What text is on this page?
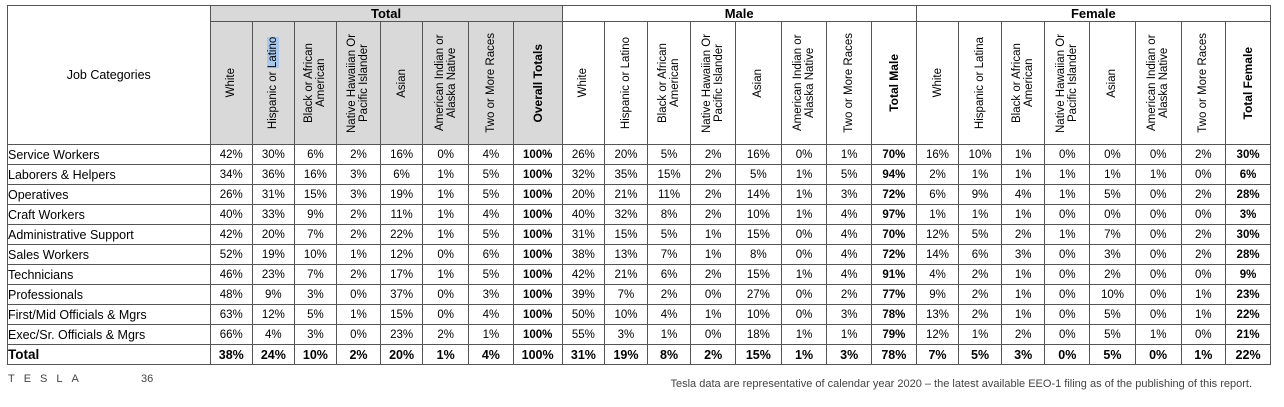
Job Categories	Total								Male								Female							

	White	Hispanic or Latino	Black or African American	Native Hawaiian Or Pacific Islander	Asian	American Indian or Alaska Native	Two or More Races	Overall Totals	White	Hispanic or Latino	Black or African American	Native Hawaiian Or Pacific Islander	Asian	American Indian or Alaska Native	Two or More Races	Total Male	White	Hispanic or Latina	Black or African American	Native Hawaiian Or Pacific Islander	Asian	American Indian or Alaska Native	Two or More Races	Total Female

Service Workers	42%	30%	6%	2%	16%	0%	4%	100%	26%	20%	5%	2%	16%	0%	1%	70%	16%	10%	1%	0%	0%	0%	2%	30%
Laborers & Helpers	34%	36%	16%	3%	6%	1%	5%	100%	32%	35%	15%	2%	5%	1%	5%	94%	2%	1%	1%	1%	1%	1%	0%	6%
Operatives	26%	31%	15%	3%	19%	1%	5%	100%	20%	21%	11%	2%	14%	1%	3%	72%	6%	9%	4%	1%	5%	0%	2%	28%
Craft Workers	40%	33%	9%	2%	11%	1%	4%	100%	40%	32%	8%	2%	10%	1%	4%	97%	1%	1%	1%	0%	0%	0%	0%	3%
Administrative Support	42%	20%	7%	2%	22%	1%	5%	100%	31%	15%	5%	1%	15%	0%	4%	70%	12%	5%	2%	1%	7%	0%	2%	30%
Sales Workers	52%	19%	10%	1%	12%	0%	6%	100%	38%	13%	7%	1%	8%	0%	4%	72%	14%	6%	3%	0%	3%	0%	2%	28%
Technicians	46%	23%	7%	2%	17%	1%	5%	100%	42%	21%	6%	2%	15%	1%	4%	91%	4%	2%	1%	0%	2%	0%	0%	9%
Professionals	48%	9%	3%	0%	37%	0%	3%	100%	39%	7%	2%	0%	27%	0%	2%	77%	9%	2%	1%	0%	10%	0%	1%	23%
First/Mid Officials & Mgrs	63%	12%	5%	1%	15%	0%	4%	100%	50%	10%	4%	1%	10%	0%	3%	78%	13%	2%	1%	0%	5%	0%	1%	22%
Exec/Sr. Officials & Mgrs	66%	4%	3%	0%	23%	2%	1%	100%	55%	3%	1%	0%	18%	1%	1%	79%	12%	1%	2%	0%	5%	1%	0%	21%
Total	38%	24%	10%	2%	20%	1%	4%	100%	31%	19%	8%	2%	15%	1%	3%	78%	7%	5%	3%	0%	5%	0%	1%	22%
TESLA	36	Tesla data are representative of calendar year 2020 – the latest available EEO-1 filing as of the publishing of this report.
